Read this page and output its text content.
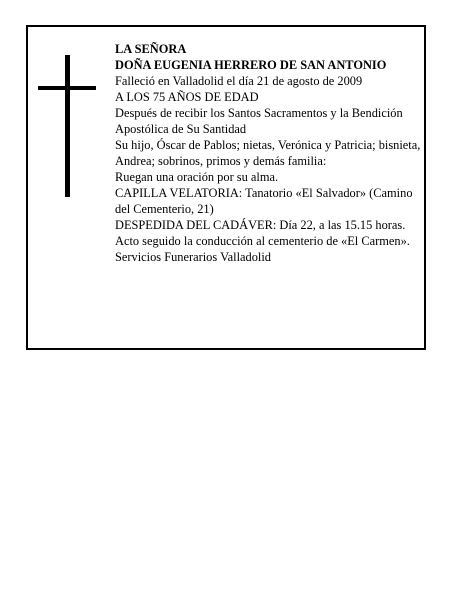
LA SEÑORA

DOÑA EUGENIA HERRERO DE SAN ANTONIO

Falleció en Valladolid el día 21 de agosto de 2009

A LOS 75 AÑOS DE EDAD

Después de recibir los Santos Sacramentos y la Bendición Apostólica de Su Santidad

Su hijo, Óscar de Pablos; nietas, Verónica y Patricia; bisnieta, Andrea; sobrinos, primos y demás familia:

Ruegan una oración por su alma.

CAPILLA VELATORIA: Tanatorio «El Salvador» (Camino del Cementerio, 21)

DESPEDIDA DEL CADÁVER: Día 22, a las 15.15 horas. Acto seguido la conducción al cementerio de «El Carmen».

Servicios Funerarios Valladolid
